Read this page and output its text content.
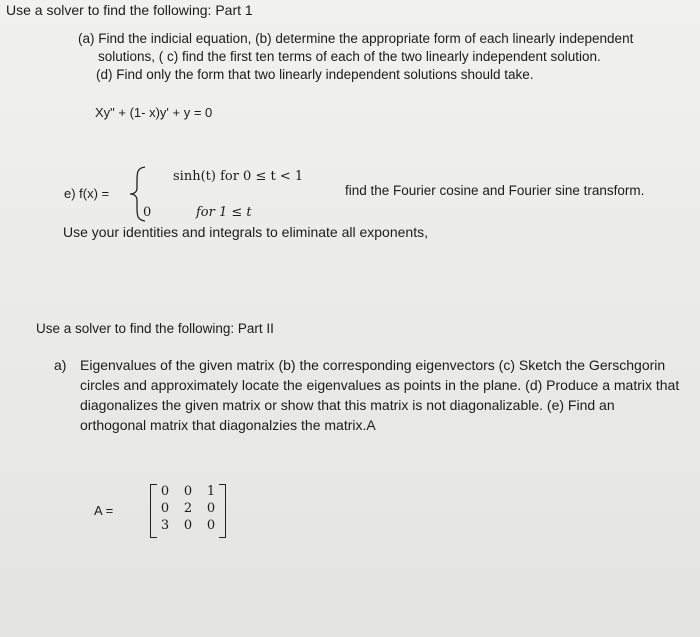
Use a solver to find the following: Part 1
(a) Find the indicial equation, (b) determine the appropriate form of each linearly independent
solutions, ( c) find the first ten terms of each of the two linearly independent solution.
(d) Find only the form that two linearly independent solutions should take.
Xy" + (1- x)y' + y = 0
e) f(x) =
sinh(t) for 0 ≤ t < 1
0	for 1 ≤ t
find the Fourier cosine and Fourier sine transform.
Use your identities and integrals to eliminate all exponents,
Use a solver to find the following: Part II
a) Eigenvalues of the given matrix (b) the corresponding eigenvectors (c) Sketch the Gerschgorin
circles and approximately locate the eigenvalues as points in the plane. (d) Produce a matrix that
diagonalizes the given matrix or show that this matrix is not diagonalizable. (e) Find an
orthogonal matrix that diagonalzies the matrix.A
A =
0 0 1
0 2 0
3 0 0
